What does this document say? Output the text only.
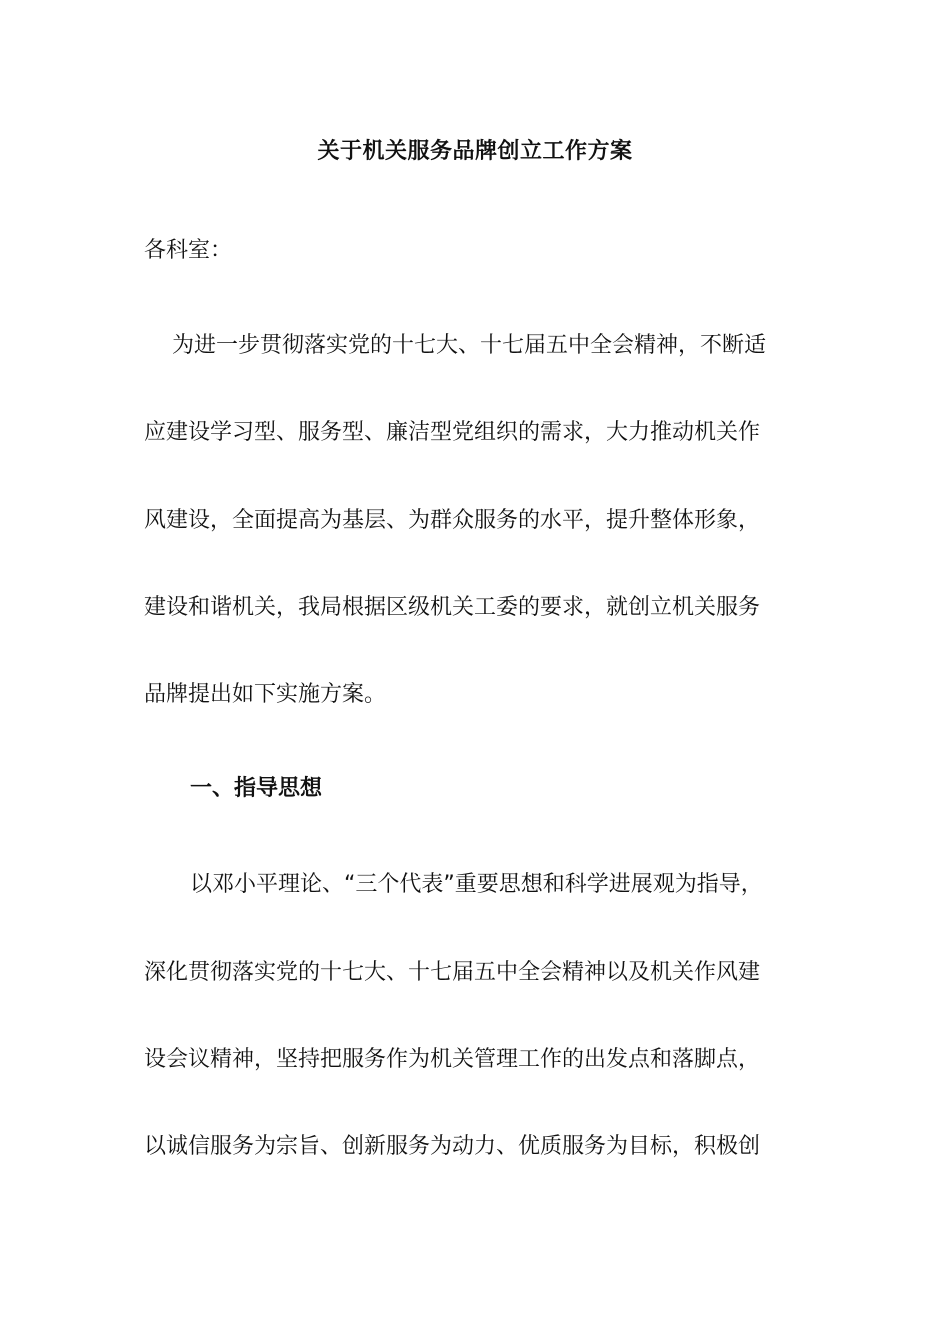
关于机关服务品牌创立工作方案
各科室：
为进一步贯彻落实党的十七大、十七届五中全会精神，不断适
应建设学习型、服务型、廉洁型党组织的需求，大力推动机关作
风建设，全面提高为基层、为群众服务的水平，提升整体形象，
建设和谐机关，我局根据区级机关工委的要求，就创立机关服务
品牌提出如下实施方案。
一、指导思想
以邓小平理论、“三个代表”重要思想和科学进展观为指导，
深化贯彻落实党的十七大、十七届五中全会精神以及机关作风建
设会议精神，坚持把服务作为机关管理工作的出发点和落脚点，
以诚信服务为宗旨、创新服务为动力、优质服务为目标，积极创
